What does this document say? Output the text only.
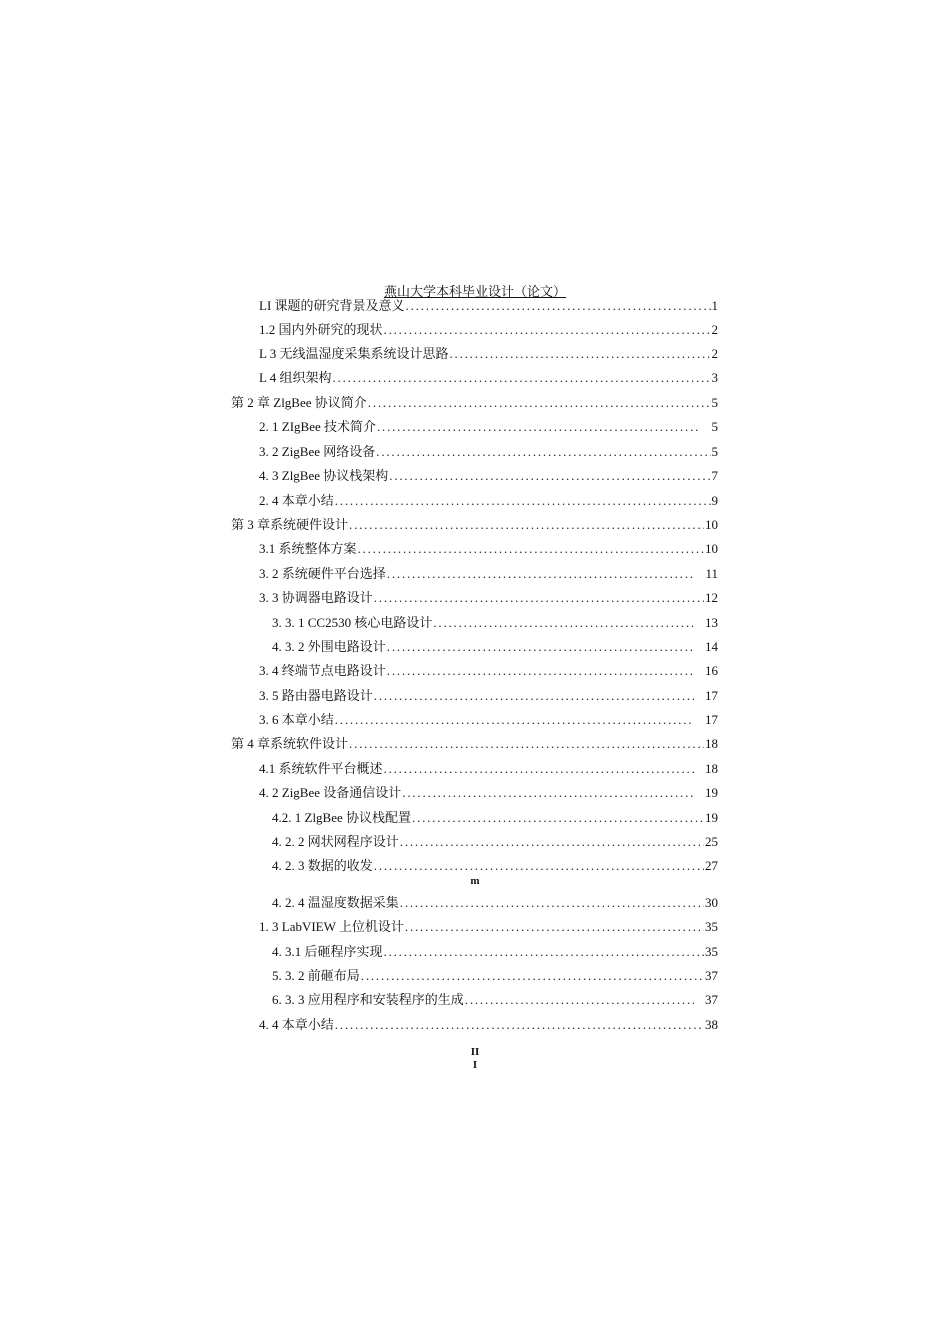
燕山大学本科毕业设计（论文）
LI 课题的研究背景及意义 .....	1
1.2 国内外研究的现状 .....	2
L 3 无线温湿度采集系统设计思路 .....	2
L 4 组织架构 .....	3
第 2 章 ZlgBee 协议简介 .....	5
2. 1 ZIgBee 技术简介 .....	5
3. 2 ZigBee 网络设备 .....	5
4. 3 ZlgBee 协议栈架构 .....	7
2. 4 本章小结 .....	9
第 3 章系统硬件设计 .....	10
3.1 系统整体方案 .....	10
3. 2 系统硬件平台选择 .....	11
3. 3 协调器电路设计 .....	12
3. 3. 1 CC2530 核心电路设计 .....	13
4. 3. 2 外围电路设计 .....	14
3. 4 终端节点电路设计 .....	16
3. 5 路由器电路设计 .....	17
3. 6 本章小结 .....	17
第 4 章系统软件设计 .....	18
4.1 系统软件平台概述 .....	18
4. 2 ZigBee 设备通信设计 .....	19
4.2. 1 ZlgBee 协议栈配置 .....	19
4. 2. 2 网状网程序设计 .....	25
4. 2. 3 数据的收发 .....	27
m
4. 2. 4 温湿度数据采集 .....	30
1. 3 LabVIEW 上位机设计 .....	35
4. 3.1 后砸程序实现 .....	35
5. 3. 2 前砸布局 .....	37
6. 3. 3 应用程序和安装程序的生成 .....	37
4. 4 本章小结 .....	38
II
I
